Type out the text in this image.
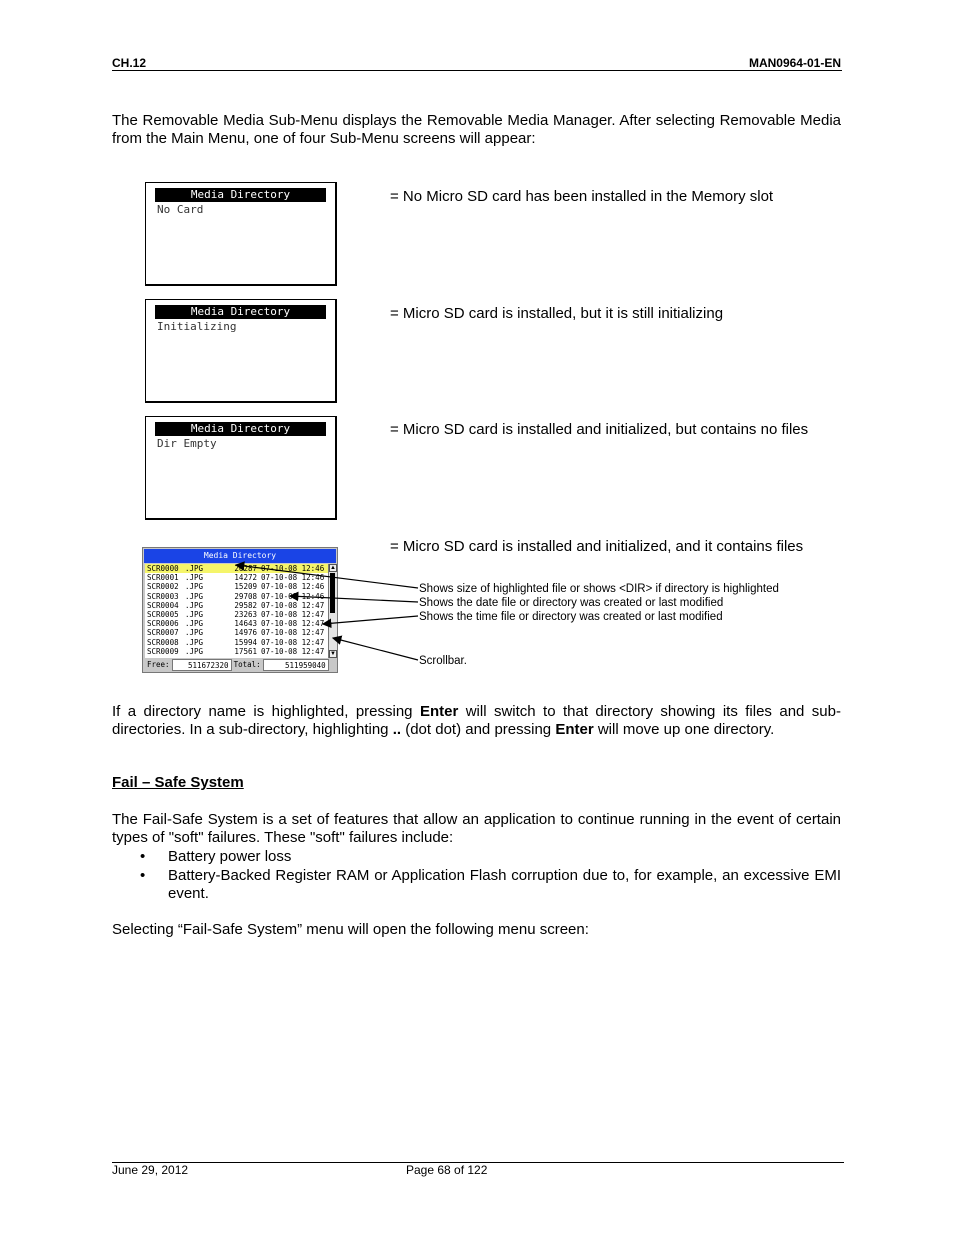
CH.12	MAN0964-01-EN
The Removable Media Sub-Menu displays the Removable Media Manager. After selecting Removable Media from the Main Menu, one of four Sub-Menu screens will appear:
Media Directory
No Card
= No Micro SD card has been installed in the Memory slot
Media Directory
Initializing
= Micro SD card is installed, but it is still initializing
Media Directory
Dir Empty
= Micro SD card is installed and initialized, but contains no files
= Micro SD card is installed and initialized, and it contains files
Media Directory
SCR0000 .JPG	26287 07-10-08 12:46
SCR0001 .JPG	14272 07-10-08 12:46
SCR0002 .JPG	15209 07-10-08 12:46
SCR0003 .JPG	29708 07-10-08 12:46
SCR0004 .JPG	29582 07-10-08 12:47
SCR0005 .JPG	23263 07-10-08 12:47
SCR0006 .JPG	14643 07-10-08 12:47
SCR0007 .JPG	14976 07-10-08 12:47
SCR0008 .JPG	15994 07-10-08 12:47
SCR0009 .JPG	17561 07-10-08 12:47
▲
▼
Free:	511672320 Total:	511959040
Shows size of highlighted file or shows <DIR> if directory is highlighted
Shows the date file or directory was created or last modified
Shows the time file or directory was created or last modified
Scrollbar.
If a directory name is highlighted, pressing Enter will switch to that directory showing its files and sub-directories. In a sub-directory, highlighting .. (dot dot) and pressing Enter will move up one directory.
Fail – Safe System
The Fail-Safe System is a set of features that allow an application to continue running in the event of certain types of "soft" failures. These "soft" failures include:
• Battery power loss
• Battery-Backed Register RAM or Application Flash corruption due to, for example, an excessive EMI event.
Selecting “Fail-Safe System” menu will open the following menu screen:
June 29, 2012	Page 68 of 122
